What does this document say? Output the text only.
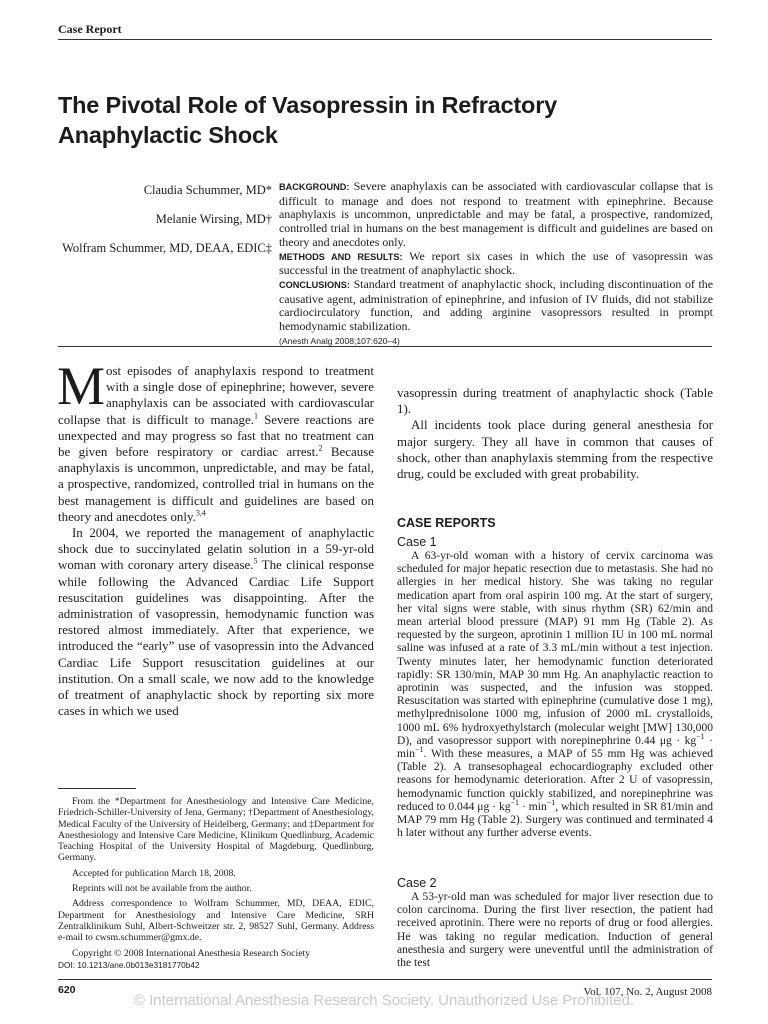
Case Report
The Pivotal Role of Vasopressin in Refractory Anaphylactic Shock
Claudia Schummer, MD*
Melanie Wirsing, MD†
Wolfram Schummer, MD, DEAA, EDIC‡

BACKGROUND: Severe anaphylaxis can be associated with cardiovascular collapse that is difficult to manage and does not respond to treatment with epinephrine. Because anaphylaxis is uncommon, unpredictable and may be fatal, a prospective, randomized, controlled trial in humans on the best management is difficult and guidelines are based on theory and anecdotes only.

METHODS AND RESULTS: We report six cases in which the use of vasopressin was successful in the treatment of anaphylactic shock.

CONCLUSIONS: Standard treatment of anaphylactic shock, including discontinuation of the causative agent, administration of epinephrine, and infusion of IV fluids, did not stabilize cardiocirculatory function, and adding arginine vasopressors resulted in prompt hemodynamic stabilization.

(Anesth Analg 2008;107:620–4)

Most episodes of anaphylaxis respond to treatment with a single dose of epinephrine; however, severe anaphylaxis can be associated with cardiovascular collapse that is difficult to manage.$^1$ Severe reactions are unexpected and may progress so fast that no treatment can be given before respiratory or cardiac arrest.$^2$ Because anaphylaxis is uncommon, unpredictable, and may be fatal, a prospective, randomized, controlled trial in humans on the best management is difficult and guidelines are based on theory and anecdotes only.$^{3,4}$

In 2004, we reported the management of anaphylactic shock due to succinylated gelatin solution in a 59-yr-old woman with coronary artery disease.$^5$ The clinical response while following the Advanced Cardiac Life Support resuscitation guidelines was disappointing. After the administration of vasopressin, hemodynamic function was restored almost immediately. After that experience, we introduced the “early” use of vasopressin into the Advanced Cardiac Life Support resuscitation guidelines at our institution. On a small scale, we now add to the knowledge of treatment of anaphylactic shock by reporting six more cases in which we used

From the *Department for Anesthesiology and Intensive Care Medicine, Friedrich-Schiller-University of Jena, Germany; †Department of Anesthesiology, Medical Faculty of the University of Heidelberg, Germany; and ‡Department for Anesthesiology and Intensive Care Medicine, Klinikum Quedlinburg, Academic Teaching Hospital of the University Hospital of Magdeburg, Quedlinburg, Germany.

Accepted for publication March 18, 2008.

Reprints will not be available from the author.

Address correspondence to Wolfram Schummer, MD, DEAA, EDIC, Department for Anesthesiology and Intensive Care Medicine, SRH Zentralklinikum Suhl, Albert-Schweitzer str. 2, 98527 Suhl, Germany. Address e-mail to cwsm.schummer@gmx.de.

Copyright © 2008 International Anesthesia Research Society

DOI: 10.1213/ane.0b013e3181770b42

vasopressin during treatment of anaphylactic shock (Table 1).

All incidents took place during general anesthesia for major surgery. They all have in common that causes of shock, other than anaphylaxis stemming from the respective drug, could be excluded with great probability.

CASE REPORTS
Case 1

A 63-yr-old woman with a history of cervix carcinoma was scheduled for major hepatic resection due to metastasis. She had no allergies in her medical history. She was taking no regular medication apart from oral aspirin 100 mg. At the start of surgery, her vital signs were stable, with sinus rhythm (SR) 62/min and mean arterial blood pressure (MAP) 91 mm Hg (Table 2). As requested by the surgeon, aprotinin 1 million IU in 100 mL normal saline was infused at a rate of 3.3 mL/min without a test injection. Twenty minutes later, her hemodynamic function deteriorated rapidly: SR 130/min, MAP 30 mm Hg. An anaphylactic reaction to aprotinin was suspected, and the infusion was stopped. Resuscitation was started with epinephrine (cumulative dose 1 mg), methylprednisolone 1000 mg, infusion of 2000 mL crystalloids, 1000 mL 6% hydroxyethylstarch (molecular weight [MW] 130,000 D), and vasopressor support with norepinephrine 0.44 $\mu g \cdot kg^{-1} \cdot \min^{-1}$. With these measures, a MAP of 55 mm Hg was achieved (Table 2). A transesophageal echocardiography excluded other reasons for hemodynamic deterioration. After 2 U of vasopressin, hemodynamic function quickly stabilized, and norepinephrine was reduced to 0.044 $\mu g \cdot kg^{-1} \cdot \min^{-1}$, which resulted in SR 81/min and MAP 79 mm Hg (Table 2). Surgery was continued and terminated 4 h later without any further adverse events.

Case 2

A 53-yr-old man was scheduled for major liver resection due to colon carcinoma. During the first liver resection, the patient had received aprotinin. There were no reports of drug or food allergies. He was taking no regular medication. Induction of general anesthesia and surgery were uneventful until the administration of the test

620	Vol. 107, No. 2, August 2008
© International Anesthesia Research Society. Unauthorized Use Prohibited.
